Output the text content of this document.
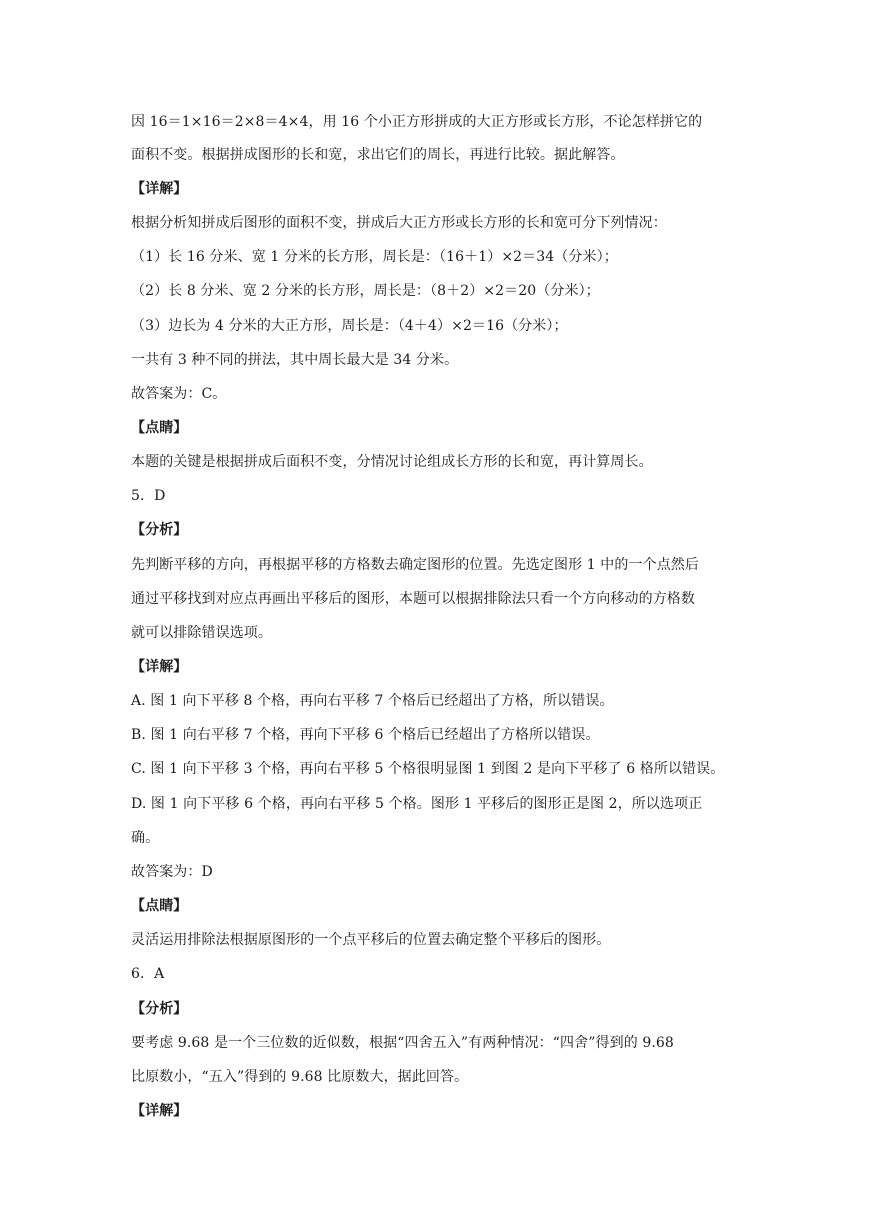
因 16＝1×16＝2×8＝4×4，用 16 个小正方形拼成的大正方形或长方形，不论怎样拼它的
面积不变。根据拼成图形的长和宽，求出它们的周长，再进行比较。据此解答。
【详解】
根据分析知拼成后图形的面积不变，拼成后大正方形或长方形的长和宽可分下列情况：
（1）长 16 分米、宽 1 分米的长方形，周长是：（16＋1）×2＝34（分米）；
（2）长 8 分米、宽 2 分米的长方形，周长是：（8＋2）×2＝20（分米）；
（3）边长为 4 分米的大正方形，周长是：（4＋4）×2＝16（分米）；
一共有 3 种不同的拼法，其中周长最大是 34 分米。
故答案为：C。
【点睛】
本题的关键是根据拼成后面积不变，分情况讨论组成长方形的长和宽，再计算周长。
5．D
【分析】
先判断平移的方向，再根据平移的方格数去确定图形的位置。先选定图形 1 中的一个点然后
通过平移找到对应点再画出平移后的图形，本题可以根据排除法只看一个方向移动的方格数
就可以排除错误选项。
【详解】
A. 图 1 向下平移 8 个格，再向右平移 7 个格后已经超出了方格，所以错误。
B. 图 1 向右平移 7 个格，再向下平移 6 个格后已经超出了方格所以错误。
C. 图 1 向下平移 3 个格，再向右平移 5 个格很明显图 1 到图 2 是向下平移了 6 格所以错误。
D. 图 1 向下平移 6 个格，再向右平移 5 个格。图形 1 平移后的图形正是图 2，所以选项正
确。
故答案为：D
【点睛】
灵活运用排除法根据原图形的一个点平移后的位置去确定整个平移后的图形。
6．A
【分析】
要考虑 9.68 是一个三位数的近似数，根据“四舍五入”有两种情况：“四舍”得到的 9.68
比原数小，“五入”得到的 9.68 比原数大，据此回答。
【详解】
